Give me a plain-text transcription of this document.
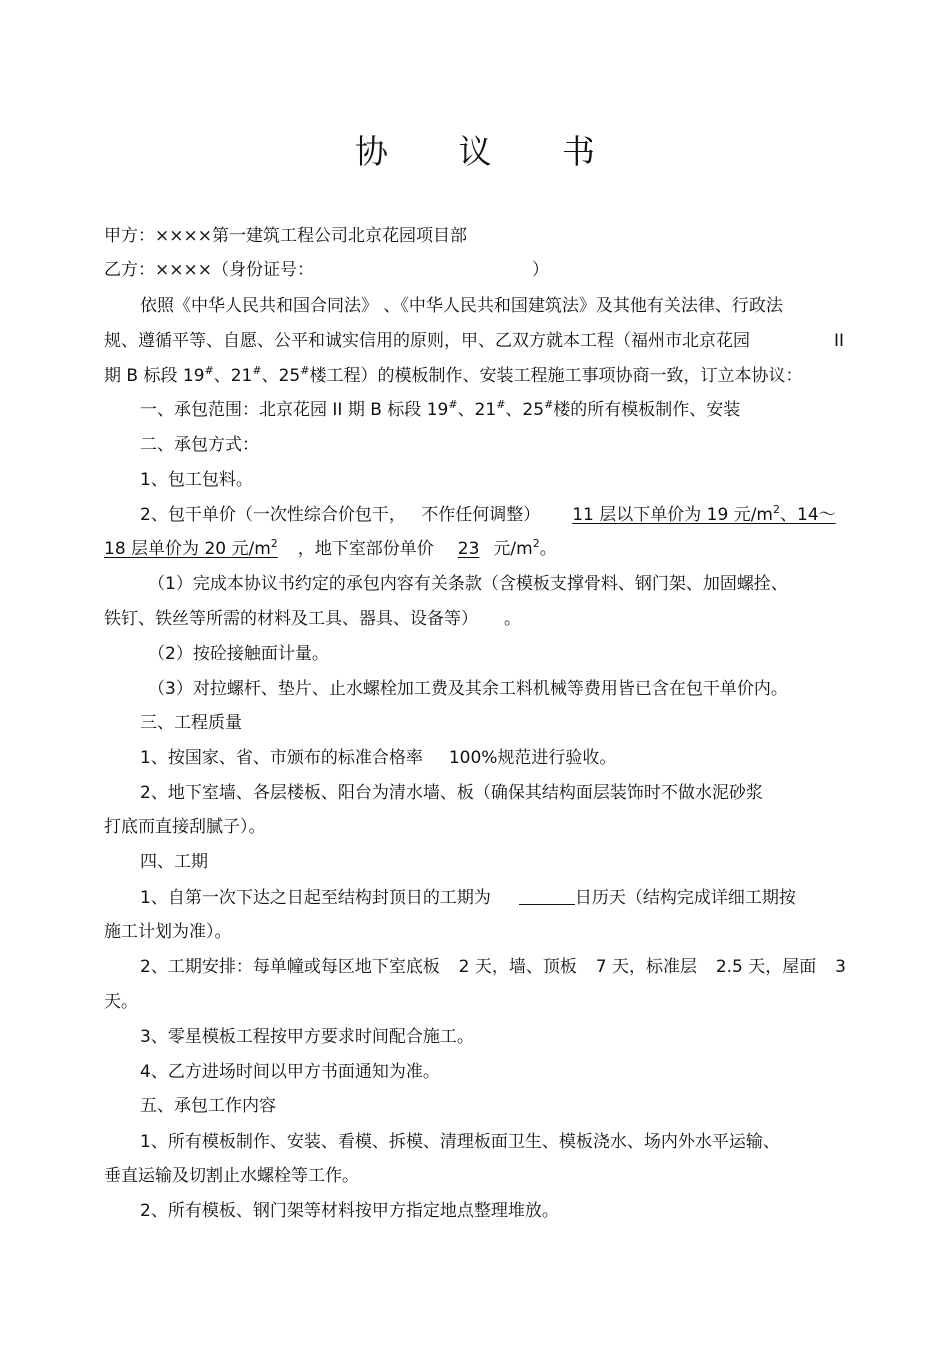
协 议 书
甲方：××××第一建筑工程公司北京花园项目部
乙方：××××（身份证号：	）
依照《中华人民共和国合同法》 、《中华人民共和国建筑法》及其他有关法律、行政法
规、遵循平等、自愿、公平和诚实信用的原则，甲、乙双方就本工程（福州市北京花园	II
期 B 标段 19#、21#、25#楼工程）的模板制作、安装工程施工事项协商一致，订立本协议：
一、承包范围：北京花园 II 期 B 标段 19#、21#、25#楼的所有模板制作、安装
二、承包方式：
1、包工包料。
2、包干单价（一次性综合价包干， 不作任何调整） 11 层以下单价为 19 元$/m^2$、14～
18 层单价为 20 元$/m^2$ ，地下室部份单价 23 元$/m^2$。
（1）完成本协议书约定的承包内容有关条款（含模板支撑骨料、钢门架、加固螺拴、
铁钉、铁丝等所需的材料及工具、器具、设备等） 。
（2）按砼接触面计量。
（3）对拉螺杆、垫片、止水螺栓加工费及其余工料机械等费用皆已含在包干单价内。
三、工程质量
1、按国家、省、市颁布的标准合格率 100%规范进行验收。
2、地下室墙、各层楼板、阳台为清水墙、板（确保其结构面层装饰时不做水泥砂浆
打底而直接刮腻子）。
四、工期
1、自第一次下达之日起至结构封顶日的工期为	日历天（结构完成详细工期按
施工计划为准）。
2、工期安排：每单幢或每区地下室底板 2 天，墙、顶板 7 天，标准层 2.5 天，屋面 3
天。
3、零星模板工程按甲方要求时间配合施工。
4、乙方进场时间以甲方书面通知为准。
五、承包工作内容
1、所有模板制作、安装、看模、拆模、清理板面卫生、模板浇水、场内外水平运输、
垂直运输及切割止水螺栓等工作。
2、所有模板、钢门架等材料按甲方指定地点整理堆放。
